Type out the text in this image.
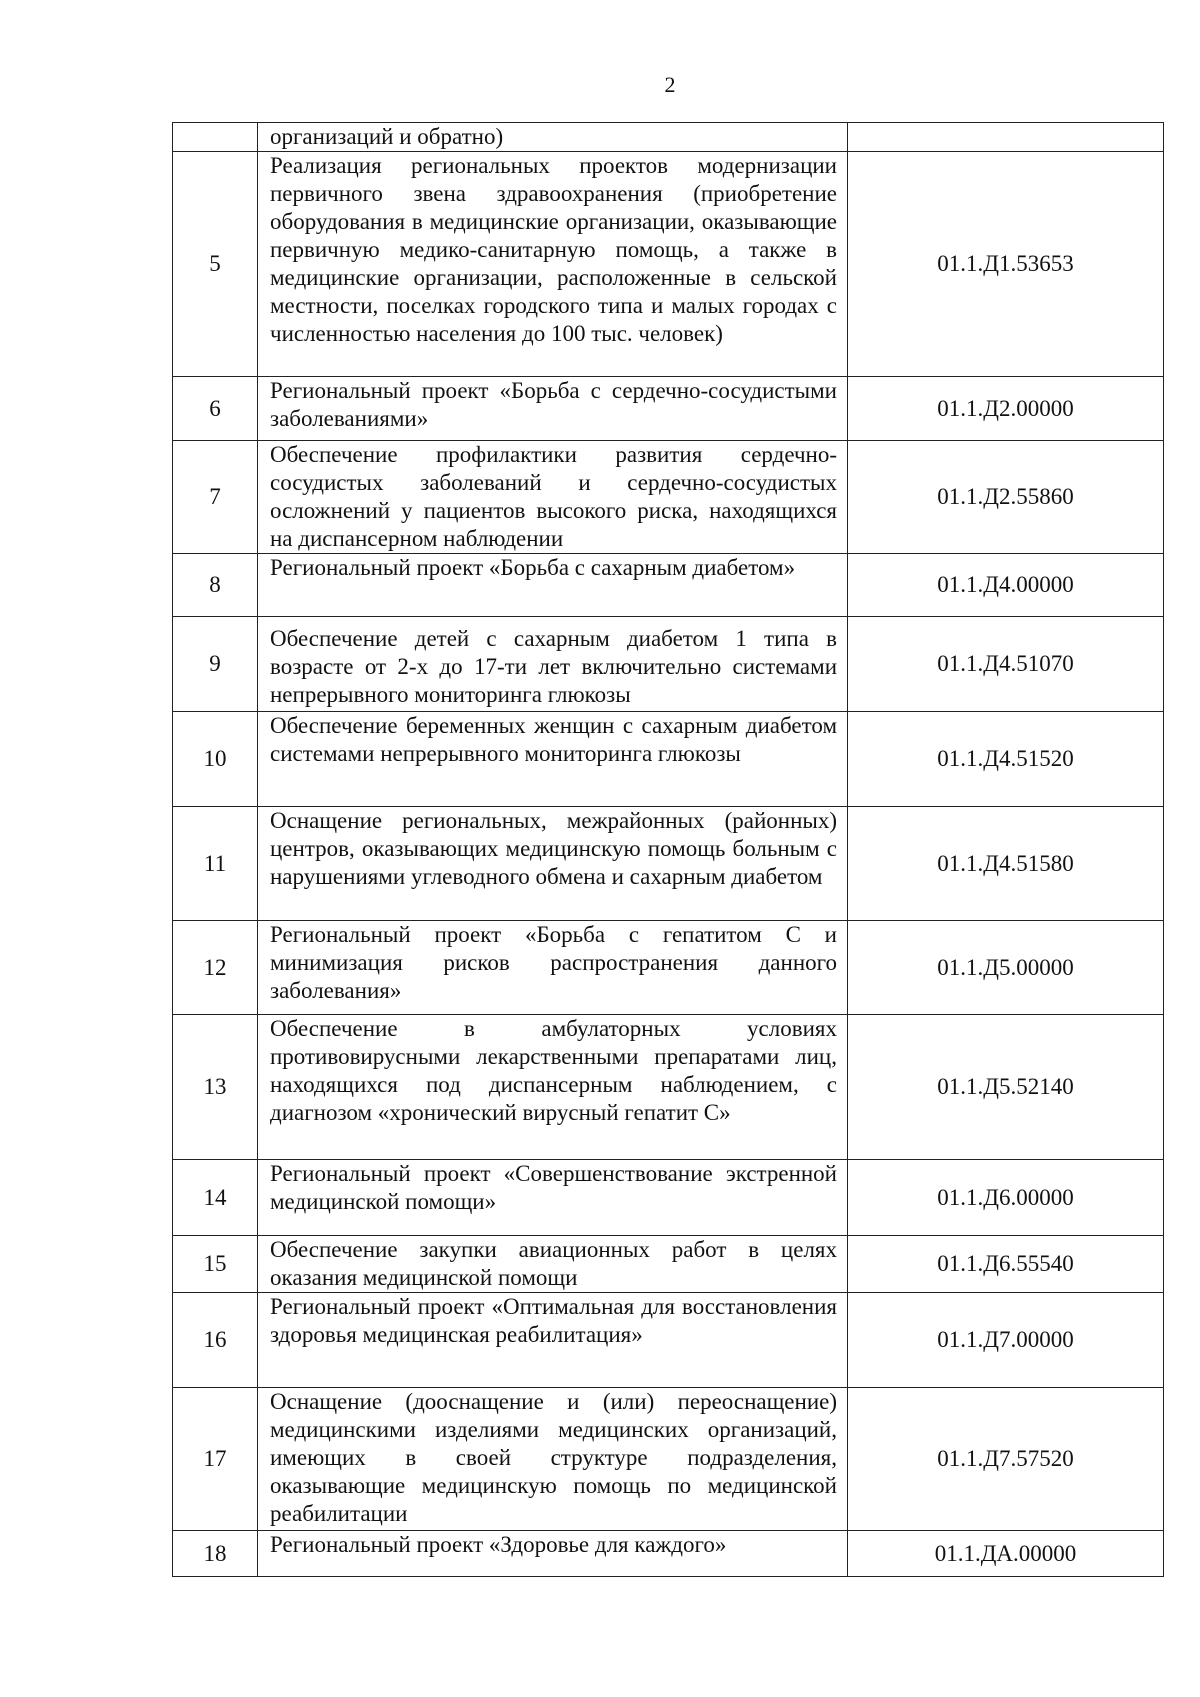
2
	организаций и обратно)	
5	Реализация региональных проектов модернизации первичного звена здравоохранения (приобретение оборудования в медицинские организации, оказывающие первичную медико-санитарную помощь, а также в медицинские организации, расположенные в сельской местности, поселках городского типа и малых городах с численностью населения до 100 тыс. человек)	01.1.Д1.53653
6	Региональный проект «Борьба с сердечно-сосудистыми заболеваниями»	01.1.Д2.00000
7	Обеспечение профилактики развития сердечно-сосудистых заболеваний и сердечно-сосудистых осложнений у пациентов высокого риска, находящихся на диспансерном наблюдении	01.1.Д2.55860
8	Региональный проект «Борьба с сахарным диабетом»	01.1.Д4.00000
9	Обеспечение детей с сахарным диабетом 1 типа в возрасте от 2-х до 17-ти лет включительно системами непрерывного мониторинга глюкозы	01.1.Д4.51070
10	Обеспечение беременных женщин с сахарным диабетом системами непрерывного мониторинга глюкозы	01.1.Д4.51520
11	Оснащение региональных, межрайонных (районных) центров, оказывающих медицинскую помощь больным с нарушениями углеводного обмена и сахарным диабетом	01.1.Д4.51580
12	Региональный проект «Борьба с гепатитом С и минимизация рисков распространения данного заболевания»	01.1.Д5.00000
13	Обеспечение в амбулаторных условиях противовирусными лекарственными препаратами лиц, находящихся под диспансерным наблюдением, с диагнозом «хронический вирусный гепатит С»	01.1.Д5.52140
14	Региональный проект «Совершенствование экстренной медицинской помощи»	01.1.Д6.00000
15	Обеспечение закупки авиационных работ в целях оказания медицинской помощи	01.1.Д6.55540
16	Региональный проект «Оптимальная для восстановления здоровья медицинская реабилитация»	01.1.Д7.00000
17	Оснащение (дооснащение и (или) переоснащение) медицинскими изделиями медицинских организаций, имеющих в своей структуре подразделения, оказывающие медицинскую помощь по медицинской реабилитации	01.1.Д7.57520
18	Региональный проект «Здоровье для каждого»	01.1.ДА.00000
